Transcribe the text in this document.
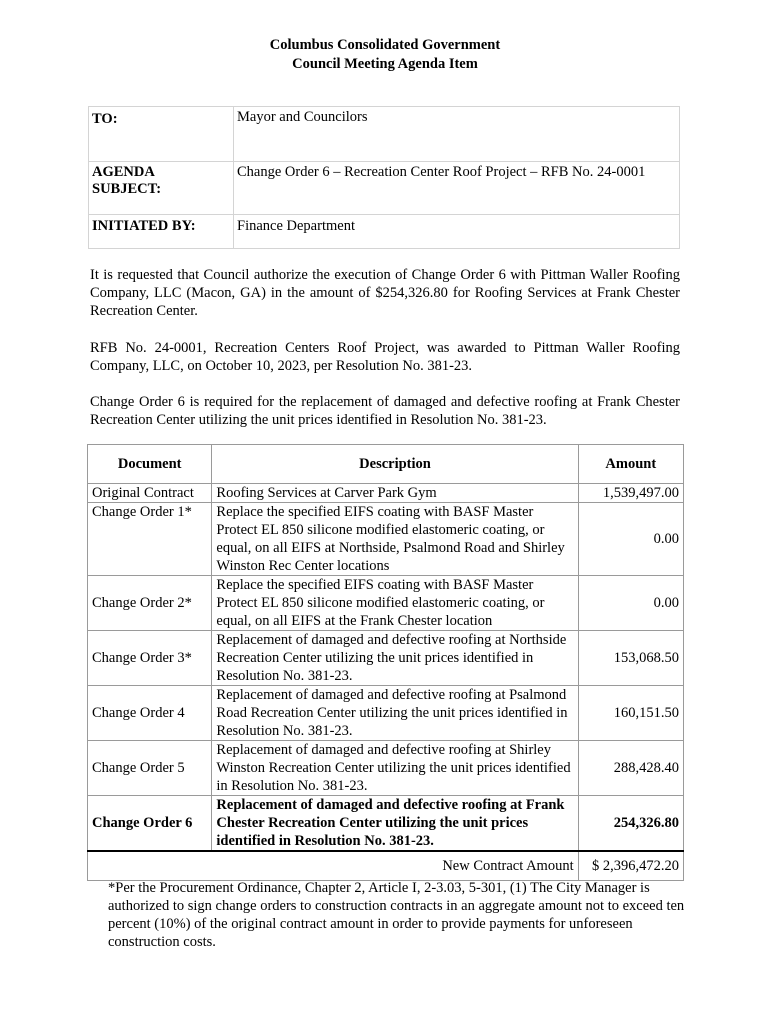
Columbus Consolidated Government
Council Meeting Agenda Item
TO:	Mayor and Councilors

AGENDA
SUBJECT:	Change Order 6 – Recreation Center Roof Project – RFB No. 24-0001
INITIATED BY:	Finance Department

It is requested that Council authorize the execution of Change Order 6 with Pittman Waller Roofing Company, LLC (Macon, GA) in the amount of $254,326.80 for Roofing Services at Frank Chester Recreation Center.

RFB No. 24-0001, Recreation Centers Roof Project, was awarded to Pittman Waller Roofing Company, LLC, on October 10, 2023, per Resolution No. 381-23.

Change Order 6 is required for the replacement of damaged and defective roofing at Frank Chester Recreation Center utilizing the unit prices identified in Resolution No. 381-23.

Document	Description	Amount
Original Contract	Roofing Services at Carver Park Gym	1,539,497.00
Change Order 1*	Replace the specified EIFS coating with BASF Master Protect EL 850 silicone modified elastomeric coating, or equal, on all EIFS at Northside, Psalmond Road and Shirley Winston Rec Center locations	0.00
Change Order 2*	Replace the specified EIFS coating with BASF Master Protect EL 850 silicone modified elastomeric coating, or equal, on all EIFS at the Frank Chester location	0.00
Change Order 3*	Replacement of damaged and defective roofing at Northside Recreation Center utilizing the unit prices identified in Resolution No. 381-23.	153,068.50
Change Order 4	Replacement of damaged and defective roofing at Psalmond Road Recreation Center utilizing the unit prices identified in Resolution No. 381-23.	160,151.50
Change Order 5	Replacement of damaged and defective roofing at Shirley Winston Recreation Center utilizing the unit prices identified in Resolution No. 381-23.	288,428.40
Change Order 6	Replacement of damaged and defective roofing at Frank Chester Recreation Center utilizing the unit prices identified in Resolution No. 381-23.	254,326.80
New Contract Amount		$ 2,396,472.20

*Per the Procurement Ordinance, Chapter 2, Article I, 2-3.03, 5-301, (1) The City Manager is authorized to sign change orders to construction contracts in an aggregate amount not to exceed ten percent (10%) of the original contract amount in order to provide payments for unforeseen construction costs.
